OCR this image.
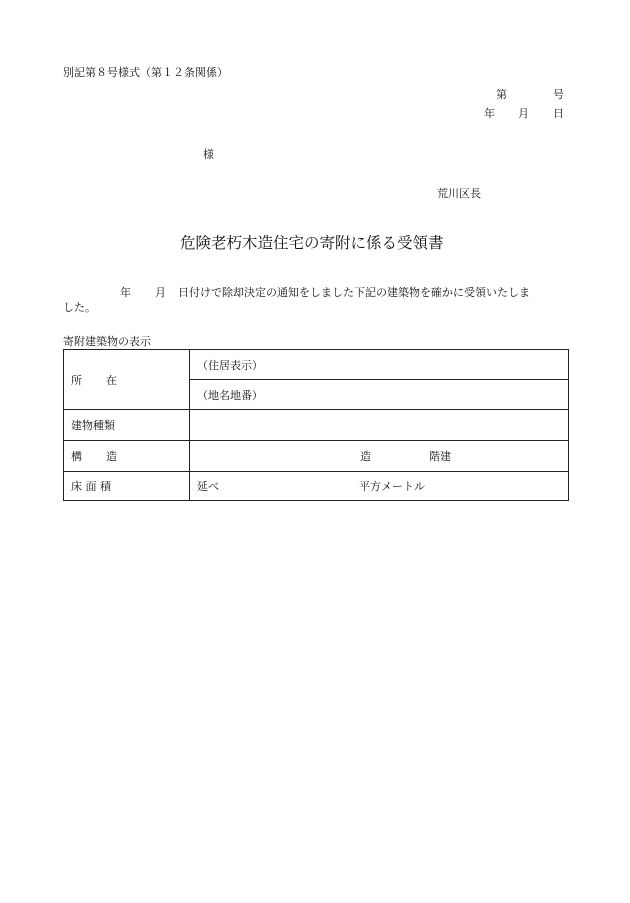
別記第８号様式（第１２条関係）
第	号
年 月 日
様
荒川区長
危険老朽木造住宅の寄附に係る受領書
年 月 日付けで除却決定の通知をしました下記の建築物を確かに受領いたしま
した。
寄附建築物の表示
所 在	（住居表示）
	（地名地番）
建物種類	
構 造	造 階建
床 面 積	延べ 平方メートル
